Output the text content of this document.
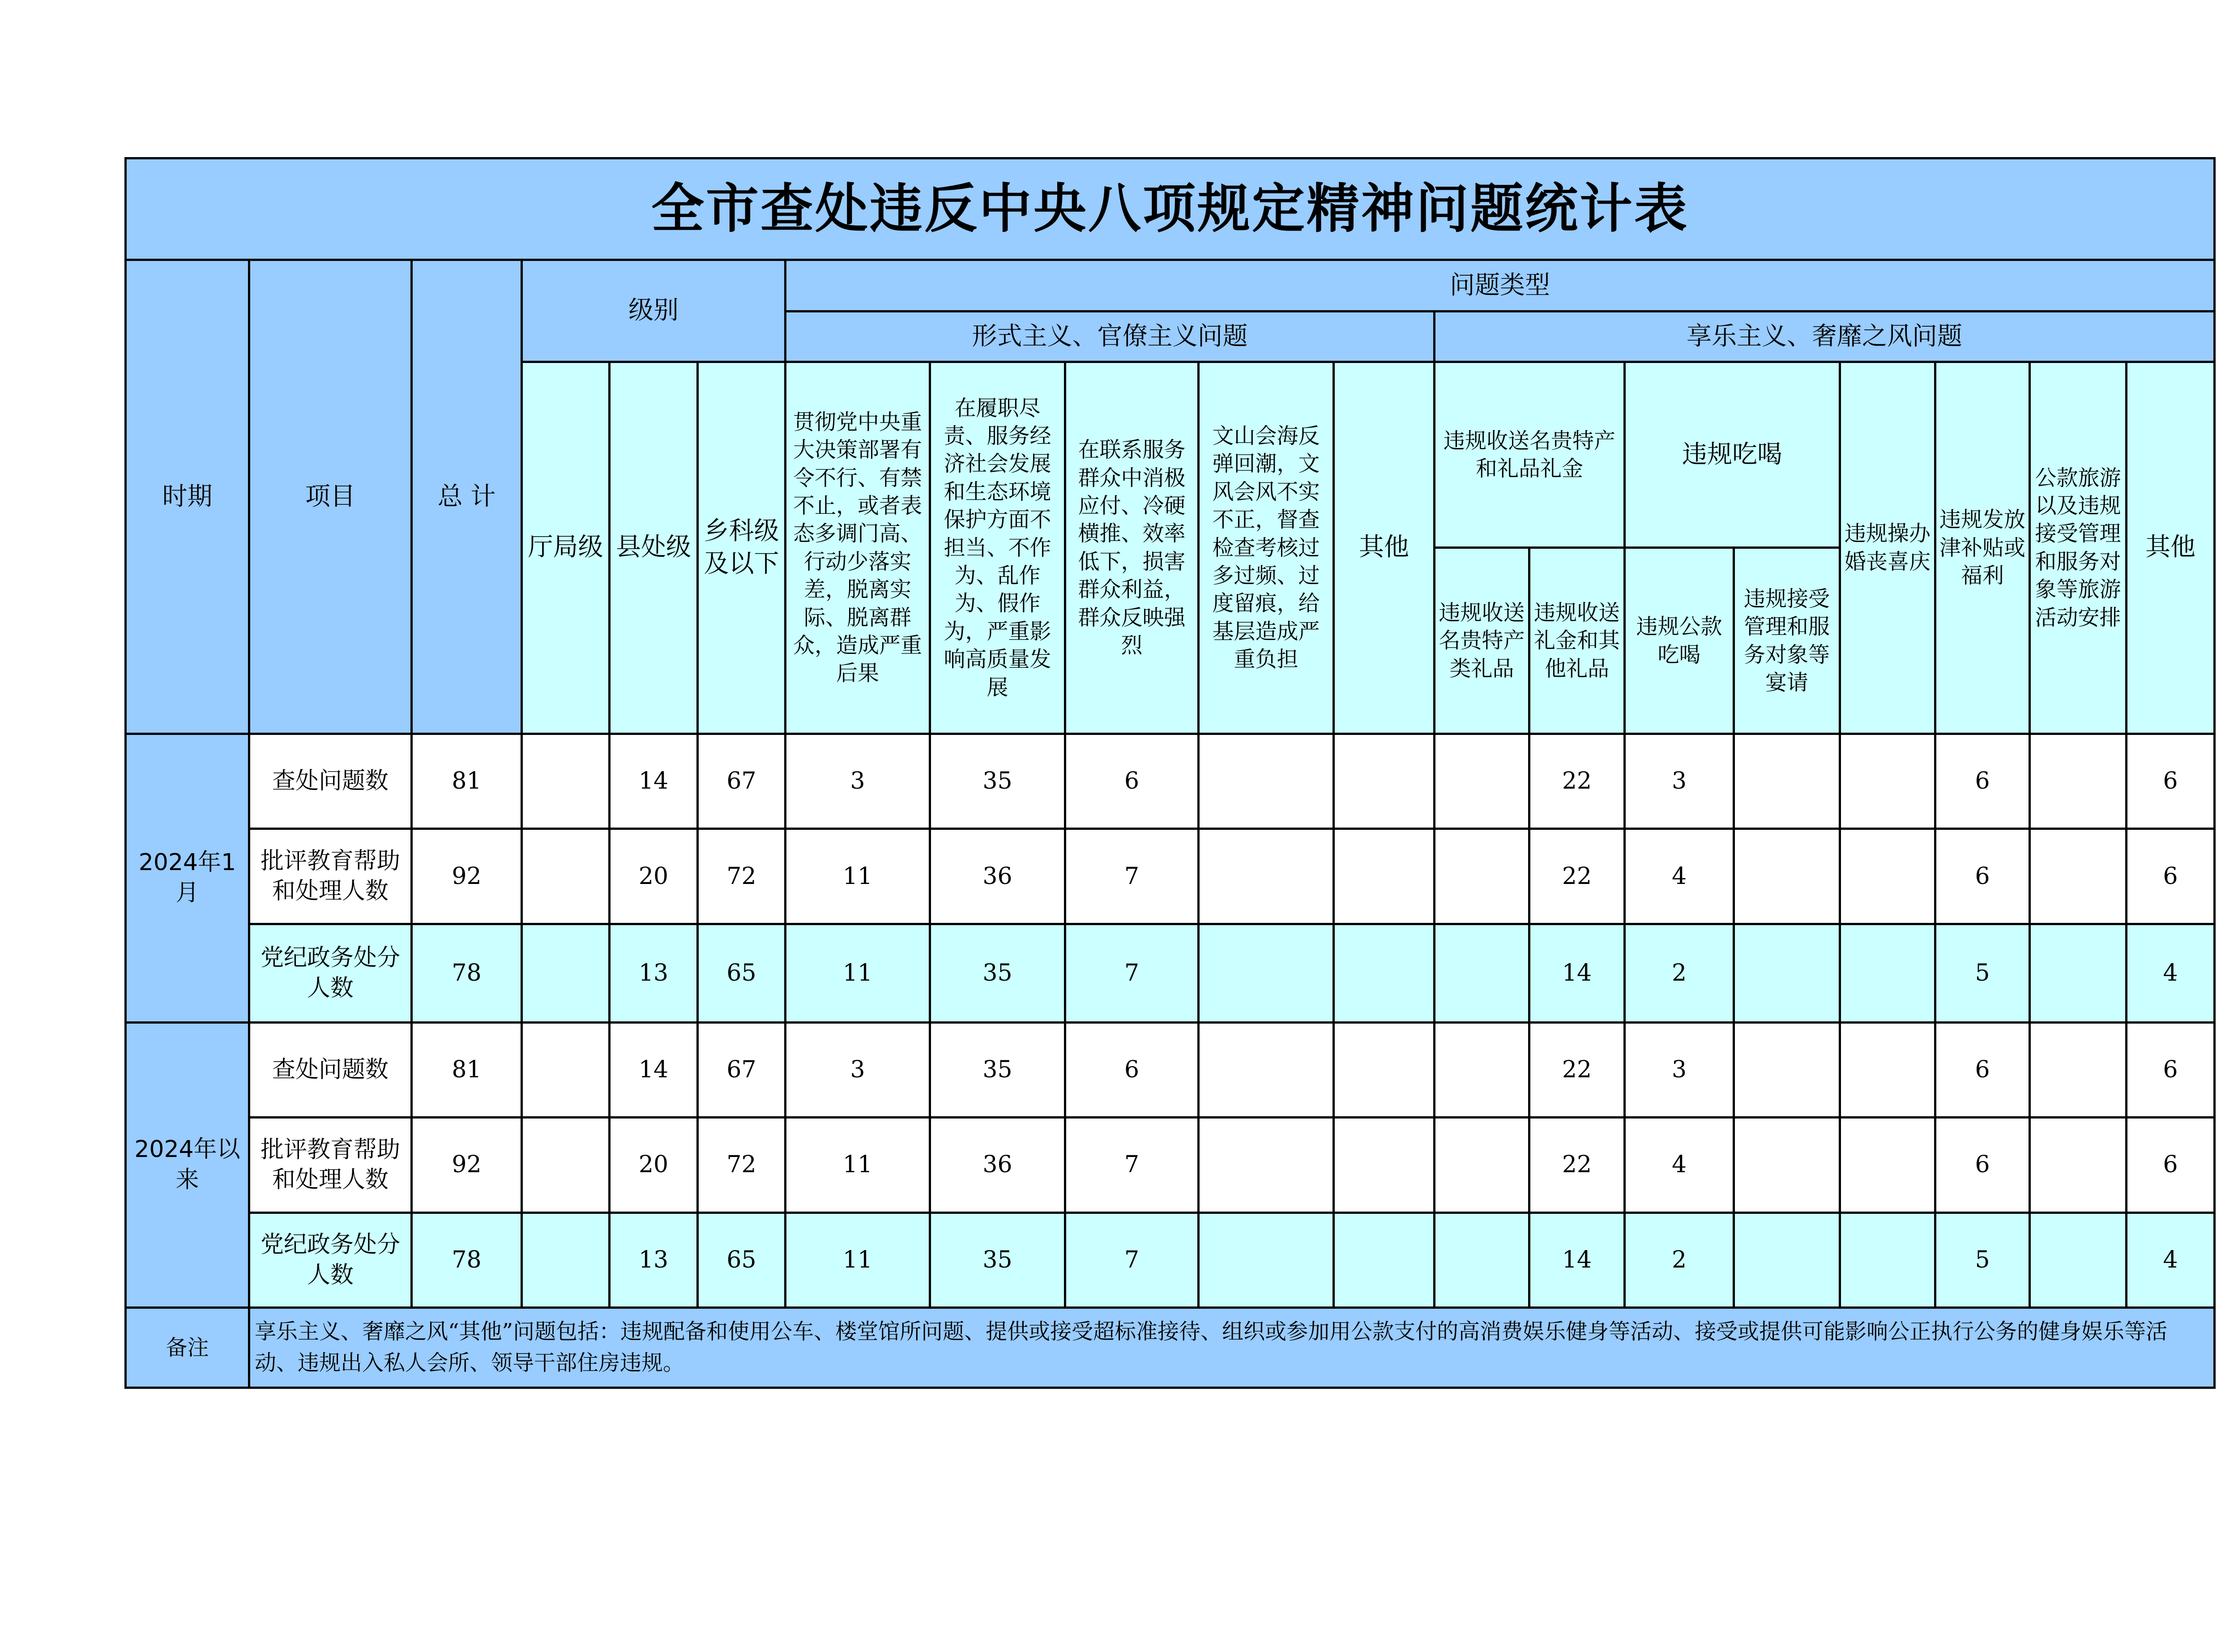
全市查处违反中央八项规定精神问题统计表																		
时期	项目	总 计	级别			问题类型												
						形式主义、官僚主义问题					享乐主义、奢靡之风问题							
			厅局级	县处级	乡科级及以下	贯彻党中央重大决策部署有令不行、有禁不止，或者表态多调门高、行动少落实差，脱离实际、脱离群众，造成严重后果	在履职尽责、服务经济社会发展和生态环境保护方面不担当、不作为、乱作为、假作为，严重影响高质量发展	在联系服务群众中消极应付、冷硬横推、效率低下，损害群众利益，群众反映强烈	文山会海反弹回潮，文风会风不实不正，督查检查考核过多过频、过度留痕，给基层造成严重负担	其他	违规收送名贵特产和礼品礼金		违规吃喝		违规操办婚丧喜庆	违规发放津补贴或福利	公款旅游以及违规接受管理和服务对象等旅游活动安排	其他
											违规收送名贵特产类礼品	违规收送礼金和其他礼品	违规公款吃喝	违规接受管理和服务对象等宴请				
2024年1月	查处问题数	81		14	67	3	35	6				22	3			6		6
	批评教育帮助和处理人数	92		20	72	11	36	7				22	4			6		6
	党纪政务处分人数	78		13	65	11	35	7				14	2			5		4
2024年以来	查处问题数	81		14	67	3	35	6				22	3			6		6
	批评教育帮助和处理人数	92		20	72	11	36	7				22	4			6		6
	党纪政务处分人数	78		13	65	11	35	7				14	2			5		4
备注	享乐主义、奢靡之风“其他”问题包括：违规配备和使用公车、楼堂馆所问题、提供或接受超标准接待、组织或参加用公款支付的高消费娱乐健身等活动、接受或提供可能影响公正执行公务的健身娱乐等活动、违规出入私人会所、领导干部住房违规。																	
